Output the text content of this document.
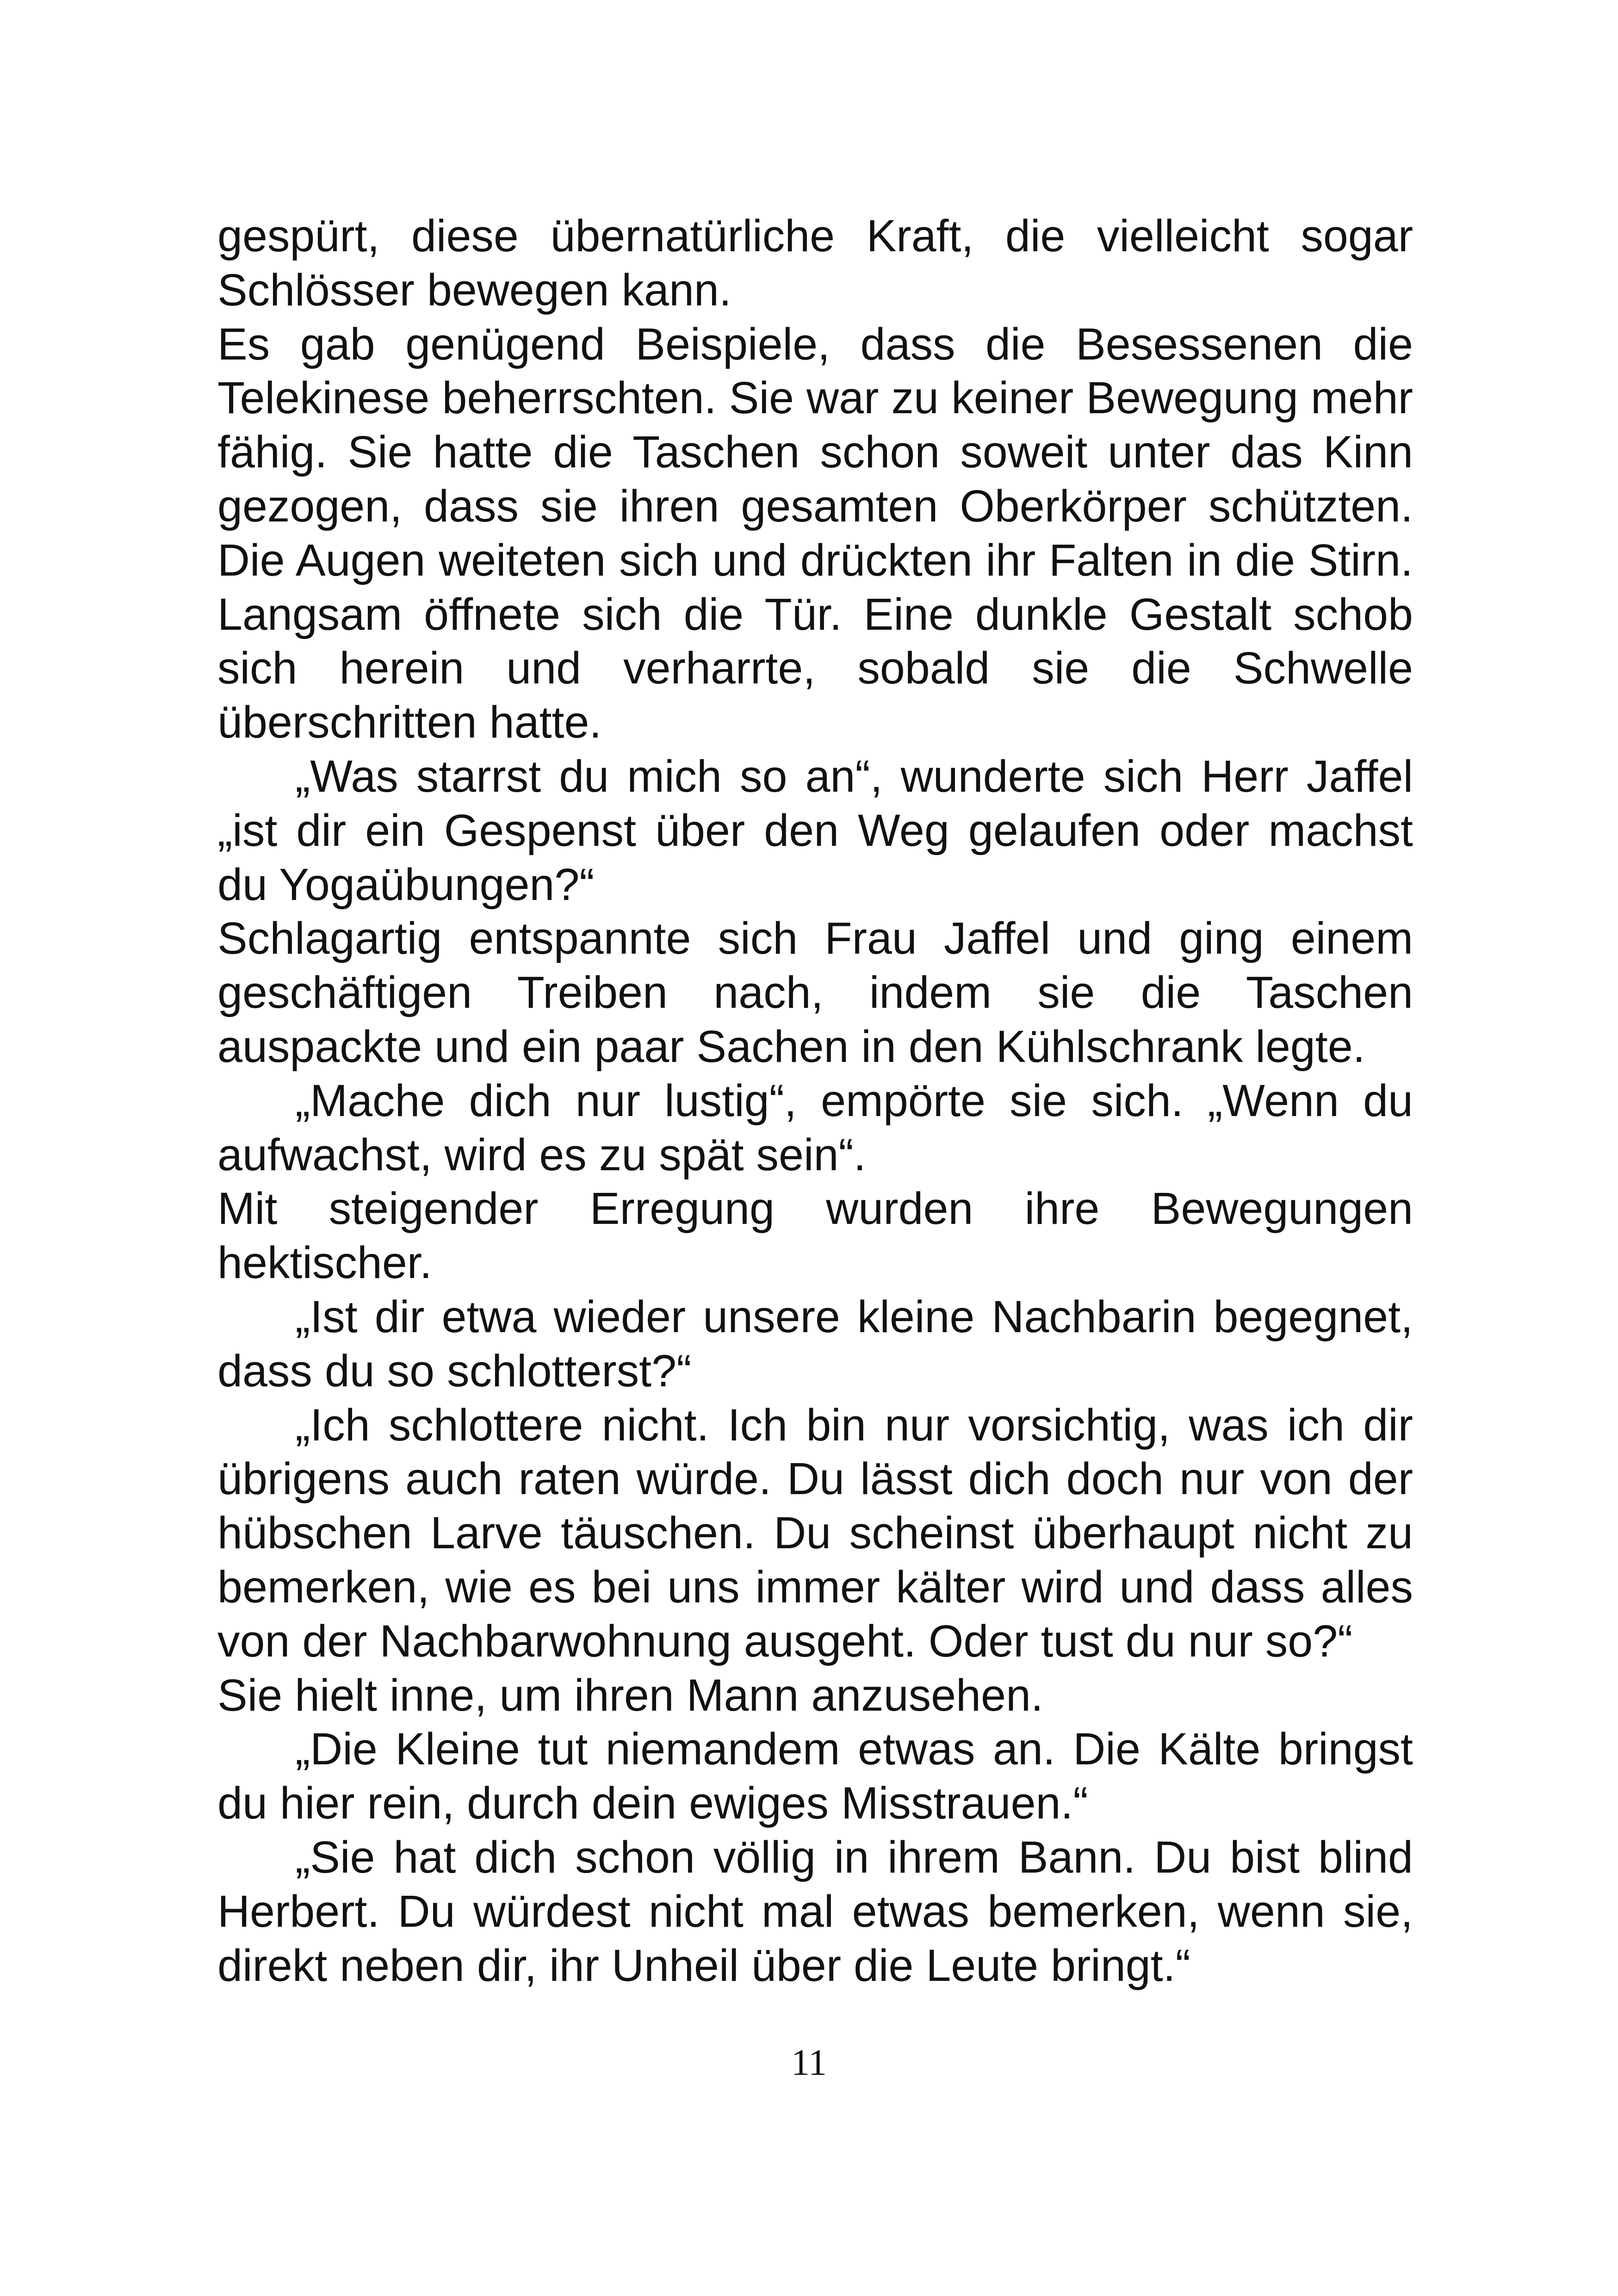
gespürt, diese übernatürliche Kraft, die vielleicht sogar Schlösser bewegen kann.

Es gab genügend Beispiele, dass die Besessenen die Telekinese beherrschten. Sie war zu keiner Bewegung mehr fähig. Sie hatte die Taschen schon soweit unter das Kinn gezogen, dass sie ihren gesamten Oberkörper schützten. Die Augen weiteten sich und drückten ihr Falten in die Stirn. Langsam öffnete sich die Tür. Eine dunkle Gestalt schob sich herein und verharrte, sobald sie die Schwelle überschritten hatte.

„Was starrst du mich so an“, wunderte sich Herr Jaffel „ist dir ein Gespenst über den Weg gelaufen oder machst du Yogaübungen?“

Schlagartig entspannte sich Frau Jaffel und ging einem geschäftigen Treiben nach, indem sie die Taschen auspackte und ein paar Sachen in den Kühlschrank legte.

„Mache dich nur lustig“, empörte sie sich. „Wenn du aufwachst, wird es zu spät sein“.

Mit steigender Erregung wurden ihre Bewegungen hektischer.

„Ist dir etwa wieder unsere kleine Nachbarin begegnet, dass du so schlotterst?“

„Ich schlottere nicht. Ich bin nur vorsichtig, was ich dir übrigens auch raten würde. Du lässt dich doch nur von der hübschen Larve täuschen. Du scheinst überhaupt nicht zu bemerken, wie es bei uns immer kälter wird und dass alles von der Nachbarwohnung ausgeht. Oder tust du nur so?“

Sie hielt inne, um ihren Mann anzusehen.

„Die Kleine tut niemandem etwas an. Die Kälte bringst du hier rein, durch dein ewiges Misstrauen.“

„Sie hat dich schon völlig in ihrem Bann. Du bist blind Herbert. Du würdest nicht mal etwas bemerken, wenn sie, direkt neben dir, ihr Unheil über die Leute bringt.“

11
